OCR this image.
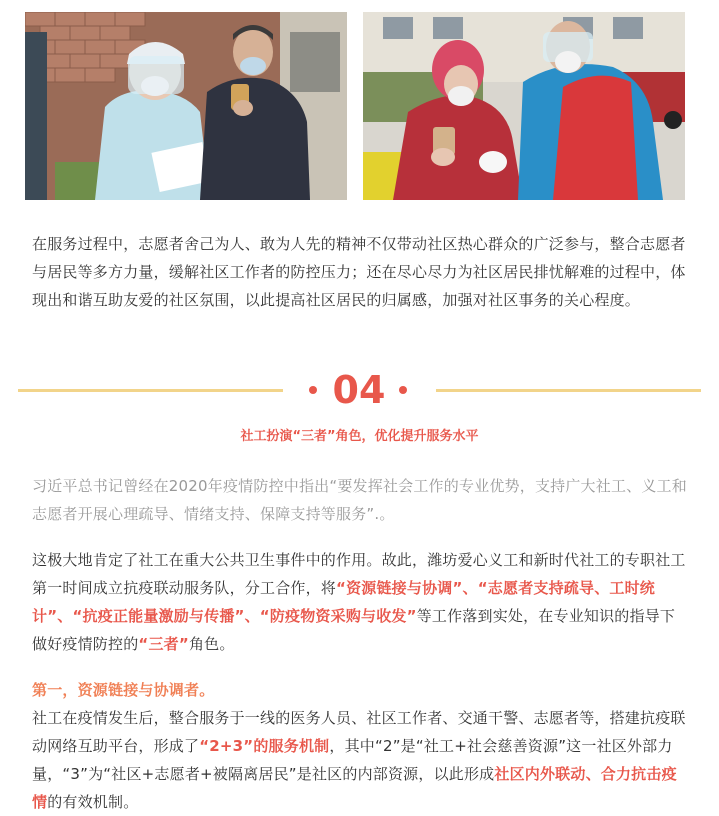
在服务过程中，志愿者舍己为人、敢为人先的精神不仅带动社区热心群众的广泛参与，整合志愿者与居民等多方力量，缓解社区工作者的防控压力；还在尽心尽力为社区居民排忧解难的过程中，体现出和谐互助友爱的社区氛围，以此提高社区居民的归属感，加强对社区事务的关心程度。
04
社工扮演“三者”角色，优化提升服务水平
习近平总书记曾经在2020年疫情防控中指出“要发挥社会工作的专业优势，支持广大社工、义工和志愿者开展心理疏导、情绪支持、保障支持等服务”.。
这极大地肯定了社工在重大公共卫生事件中的作用。故此，潍坊爱心义工和新时代社工的专职社工第一时间成立抗疫联动服务队，分工合作，将“资源链接与协调”、“志愿者支持疏导、工时统计”、“抗疫正能量激励与传播”、“防疫物资采购与收发”等工作落到实处，在专业知识的指导下做好疫情防控的“三者”角色。
第一，资源链接与协调者。
社工在疫情发生后，整合服务于一线的医务人员、社区工作者、交通干警、志愿者等，搭建抗疫联动网络互助平台，形成了“2+3”的服务机制，其中“2”是“社工+社会慈善资源”这一社区外部力量，“3”为“社区+志愿者+被隔离居民”是社区的内部资源，以此形成社区内外联动、合力抗击疫情的有效机制。
